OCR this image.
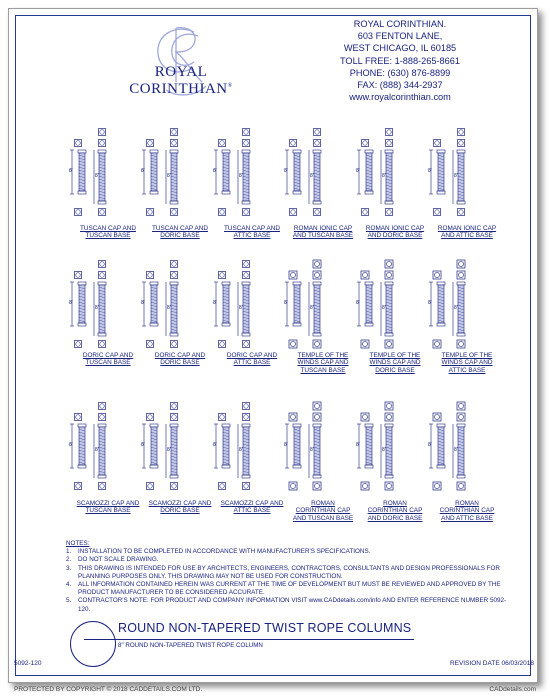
ROYAL CORINTHIAN®
ROYAL CORINTHIAN.
603 FENTON LANE,
WEST CHICAGO, IL 60185
TOLL FREE: 1-888-265-8661
PHONE: (630) 876-8899
FAX: (888) 344-2937
www.royalcorinthian.com
8'
8'
TUSCAN CAP AND
TUSCAN BASE
8'
8'
TUSCAN CAP AND
DORIC BASE
8'
8'
TUSCAN CAP AND
ATTIC BASE
8'
8'
ROMAN IONIC CAP
AND TUSCAN BASE
8'
8'
ROMAN IONIC CAP
AND DORIC BASE
8'
8'
ROMAN IONIC CAP
AND ATTIC BASE
8'
8'
DORIC CAP AND
TUSCAN BASE
8'
8'
DORIC CAP AND
DORIC BASE
8'
8'
DORIC CAP AND
ATTIC BASE
8'
8'
TEMPLE OF THE
WINDS CAP AND
TUSCAN BASE
8'
8'
TEMPLE OF THE
WINDS CAP AND
DORIC BASE
8'
8'
TEMPLE OF THE
WINDS CAP AND
ATTIC BASE
8'
8'
SCAMOZZI CAP AND
TUSCAN BASE
8'
8'
SCAMOZZI CAP AND
DORIC BASE
8'
8'
SCAMOZZI CAP AND
ATTIC BASE
8'
8'
ROMAN
CORINTHIAN CAP
AND TUSCAN BASE
8'
8'
ROMAN
CORINTHIAN CAP
AND DORIC BASE
8'
8'
ROMAN
CORINTHIAN CAP
AND ATTIC BASE
NOTES:
1.	INSTALLATION TO BE COMPLETED IN ACCORDANCE WITH MANUFACTURER'S SPECIFICATIONS.
2.	DO NOT SCALE DRAWING.
3.	THIS DRAWING IS INTENDED FOR USE BY ARCHITECTS, ENGINEERS, CONTRACTORS, CONSULTANTS AND DESIGN PROFESSIONALS FOR PLANNING PURPOSES ONLY. THIS DRAWING MAY NOT BE USED FOR CONSTRUCTION.
4.	ALL INFORMATION CONTAINED HEREIN WAS CURRENT AT THE TIME OF DEVELOPMENT BUT MUST BE REVIEWED AND APPROVED BY THE PRODUCT MANUFACTURER TO BE CONSIDERED ACCURATE.
5.	CONTRACTOR'S NOTE: FOR PRODUCT AND COMPANY INFORMATION VISIT www.CADdetails.com/info AND ENTER REFERENCE NUMBER 5092-120.
ROUND NON-TAPERED TWIST ROPE COLUMNS
8" ROUND NON-TAPERED TWIST ROPE COLUMN
5092-120	REVISION DATE 06/03/2018
PROTECTED BY COPYRIGHT © 2018 CADDETAILS.COM LTD.	CADdetails.com
